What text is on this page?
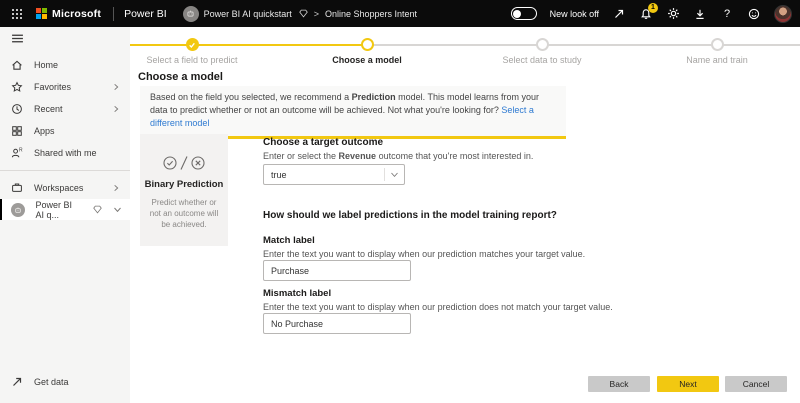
Microsoft Power BI	Power BI AI quickstart > Online Shoppers Intent	New look off
1	?
Home
Favorites
Recent
Apps
R Shared with me
Workspaces
Power BI AI q...
Get data
Select a field to predict	Choose a model	Select data to study	Name and train
Choose a model
Based on the field you selected, we recommend a Prediction model. This model learns from your data to predict whether or not an outcome will be achieved. Not what you're looking for? Select a different model
Binary Prediction
Predict whether or not an outcome will be achieved.
Choose a target outcome
Enter or select the Revenue outcome that you're most interested in.
true
How should we label predictions in the model training report?
Match label
Enter the text you want to display when our prediction matches your target value.
Purchase
Mismatch label
Enter the text you want to display when our prediction does not match your target value.
No Purchase
Back	Next	Cancel
